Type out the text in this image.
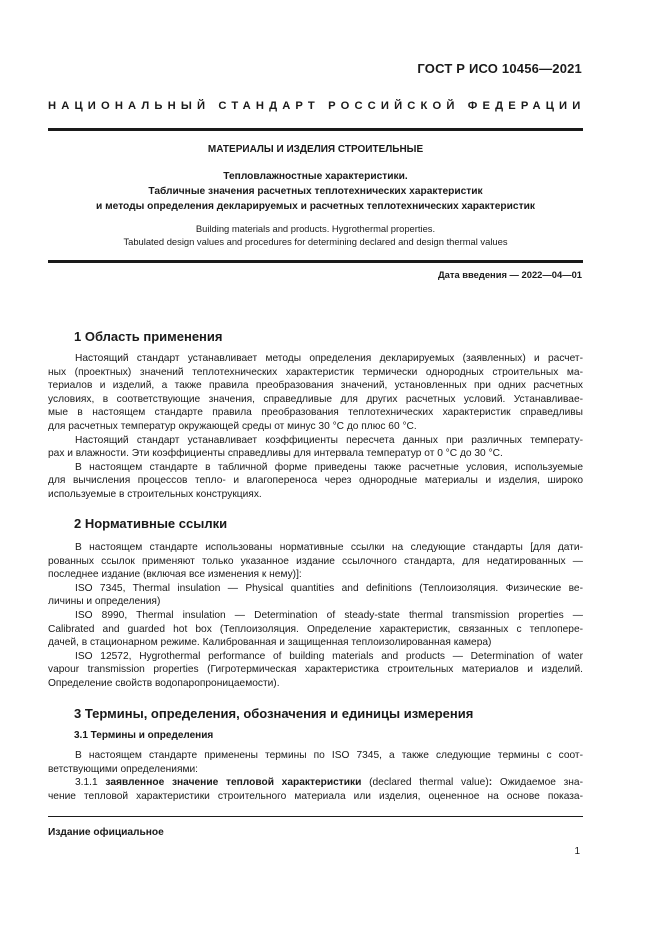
ГОСТ Р ИСО 10456—2021
НАЦИОНАЛЬНЫЙ СТАНДАРТ РОССИЙСКОЙ ФЕДЕРАЦИИ
МАТЕРИАЛЫ И ИЗДЕЛИЯ СТРОИТЕЛЬНЫЕ
Тепловлажностные характеристики.
Табличные значения расчетных теплотехнических характеристик
и методы определения декларируемых и расчетных теплотехнических характеристик
Building materials and products. Hygrothermal properties.
Tabulated design values and procedures for determining declared and design thermal values
Дата введения — 2022—04—01
1 Область применения
Настоящий стандарт устанавливает методы определения декларируемых (заявленных) и расчет-
ных (проектных) значений теплотехнических характеристик термически однородных строительных ма-
териалов и изделий, а также правила преобразования значений, установленных при одних расчетных
условиях, в соответствующие значения, справедливые для других расчетных условий. Устанавливае-
мые в настоящем стандарте правила преобразования теплотехнических характеристик справедливы
для расчетных температур окружающей среды от минус 30 °С до плюс 60 °С.
Настоящий стандарт устанавливает коэффициенты пересчета данных при различных температу-
рах и влажности. Эти коэффициенты справедливы для интервала температур от 0 °С до 30 °С.
В настоящем стандарте в табличной форме приведены также расчетные условия, используемые
для вычисления процессов тепло- и влагопереноса через однородные материалы и изделия, широко
используемые в строительных конструкциях.
2 Нормативные ссылки
В настоящем стандарте использованы нормативные ссылки на следующие стандарты [для дати-
рованных ссылок применяют только указанное издание ссылочного стандарта, для недатированных —
последнее издание (включая все изменения к нему)]:
ISO 7345, Thermal insulation — Physical quantities and definitions (Теплоизоляция. Физические ве-
личины и определения)
ISO 8990, Thermal insulation — Determination of steady-state thermal transmission properties —
Calibrated and guarded hot box (Теплоизоляция. Определение характеристик, связанных с теплопере-
дачей, в стационарном режиме. Калиброванная и защищенная теплоизолированная камера)
ISO 12572, Hygrothermal performance of building materials and products — Determination of water
vapour transmission properties (Гигротермическая характеристика строительных материалов и изделий.
Определение свойств водопаропроницаемости).
3 Термины, определения, обозначения и единицы измерения
3.1 Термины и определения
В настоящем стандарте применены термины по ISO 7345, а также следующие термины с соот-
ветствующими определениями:
3.1.1 заявленное значение тепловой характеристики (declared thermal value): Ожидаемое зна-
чение тепловой характеристики строительного материала или изделия, оцененное на основе показа-
Издание официальное
1
